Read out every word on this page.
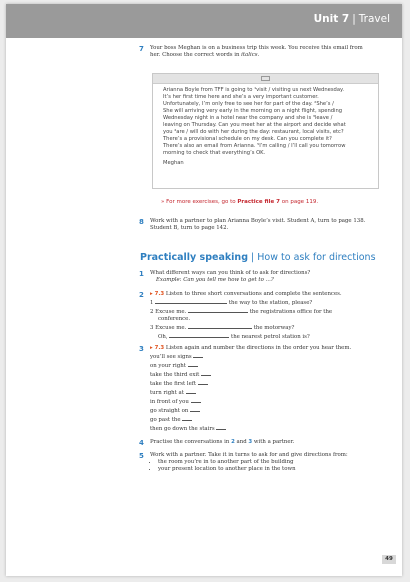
Unit 7 | Travel
7 Your boss Meghan is on a business trip this week. You receive this email from
her. Choose the correct words in italics.
Arianna Boyle from TFF is going to ¹visit / visiting us next Wednesday.
It’s her first time here and she’s a very important customer.
Unfortunately, I’m only free to see her for part of the day. ²She’s /
She will arriving very early in the morning on a night flight, spending
Wednesday night in a hotel near the company and she is ³leave /
leaving on Thursday. Can you meet her at the airport and decide what
you ⁴are / will do with her during the day: restaurant, local visits, etc?
There’s a provisional schedule on my desk. Can you complete it?
There’s also an email from Arianna. ⁵I’m calling / I’ll call you tomorrow
morning to check that everything’s OK.
Meghan
» For more exercises, go to Practice file 7 on page 119.
8 Work with a partner to plan Arianna Boyle’s visit. Student A, turn to page 138.
Student B, turn to page 142.
Practically speaking | How to ask for directions
1 What different ways can you think of to ask for directions?
Example: Can you tell me how to get to …?
2 ▸ 7.3 Listen to three short conversations and complete the sentences.
1	the way to the station, please?
2 Excuse me.	the registrations office for the
conference.
3 Excuse me.	the motorway?
Oh,	the nearest petrol station is?
3 ▸ 7.3 Listen again and number the directions in the order you hear them.
you’ll see signs
on your right
take the third exit
take the first left
turn right at
in front of you
go straight on
go past the
then go down the stairs
4 Practise the conversations in 2 and 3 with a partner.
5 Work with a partner. Take it in turns to ask for and give directions from:
• the room you’re in to another part of the building
• your present location to another place in the town
49
